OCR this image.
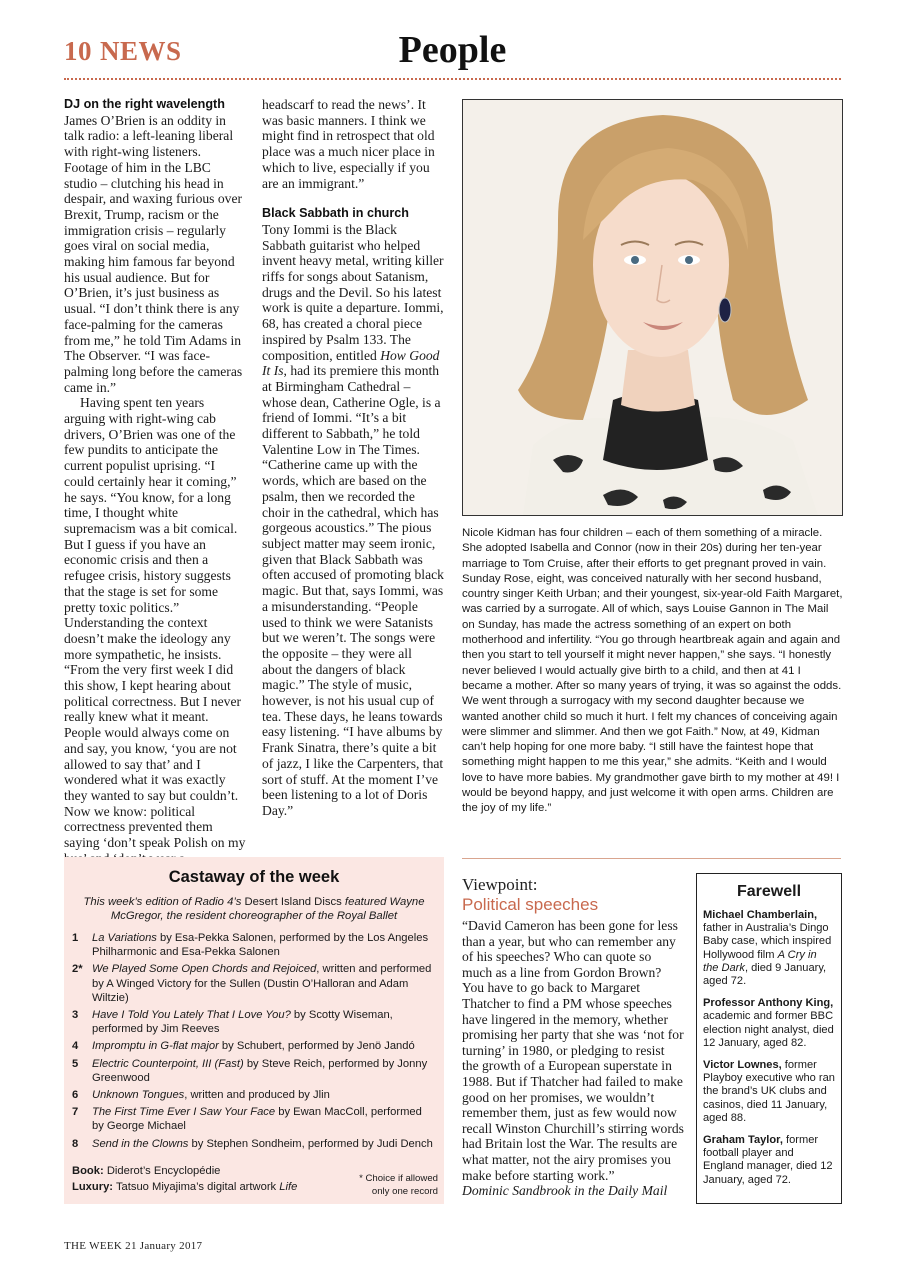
10 NEWS	People
DJ on the right wavelength

James O’Brien is an oddity in talk radio: a left-leaning liberal with right-wing listeners. Footage of him in the LBC studio – clutching his head in despair, and waxing furious over Brexit, Trump, racism or the immigration crisis – regularly goes viral on social media, making him famous far beyond his usual audience. But for O’Brien, it’s just business as usual. “I don’t think there is any face-palming for the cameras from me,” he told Tim Adams in The Observer. “I was face-palming long before the cameras came in.”

Having spent ten years arguing with right-wing cab drivers, O’Brien was one of the few pundits to anticipate the current populist uprising. “I could certainly hear it coming,” he says. “You know, for a long time, I thought white supremacism was a bit comical. But I guess if you have an economic crisis and then a refugee crisis, history suggests that the stage is set for some pretty toxic politics.” Understanding the context doesn’t make the ideology any more sympathetic, he insists. “From the very first week I did this show, I kept hearing about political correctness. But I never really knew what it meant. People would always come on and say, you know, ‘you are not allowed to say that’ and I wondered what it was exactly they wanted to say but couldn’t. Now we know: political correctness prevented them saying ‘don’t speak Polish on my

headscarf to read the news’. It was basic manners. I think we might find in retrospect that old place was a much nicer place in which to live, especially if you are an immigrant.”

Black Sabbath in church

Tony Iommi is the Black Sabbath guitarist who helped invent heavy metal, writing killer riffs for songs about Satanism, drugs and the Devil. So his latest work is quite a departure. Iommi, 68, has created a choral piece inspired by Psalm 133. The composition, entitled How Good It Is, had its premiere this month at Birmingham Cathedral – whose dean, Catherine Ogle, is a friend of Iommi. “It’s a bit different to Sabbath,” he told Valentine Low in The Times. “Catherine came up with the words, which are based on the psalm, then we recorded the choir in the cathedral, which has gorgeous acoustics.” The pious subject matter may seem ironic, given that Black Sabbath was often accused of promoting black magic. But that, says Iommi, was a misunderstanding. “People used to think we were Satanists but we weren’t. The songs were the opposite – they were all about the dangers of black magic.” The style of music, however, is not his usual cup of tea. These days, he leans towards easy listening. “I have albums by Frank Sinatra, there’s quite a bit of jazz, I like the Carpenters, that sort of stuff. At the moment I’ve been listening to a lot of Doris Day.”

Nicole Kidman has four children – each of them something of a miracle. She adopted Isabella and Connor (now in their 20s) during her ten-year marriage to Tom Cruise, after their efforts to get pregnant proved in vain. Sunday Rose, eight, was conceived naturally with her second husband, country singer Keith Urban; and their youngest, six-year-old Faith Margaret, was carried by a surrogate. All of which, says Louise Gannon in The Mail on Sunday, has made the actress something of an expert on both motherhood and infertility. “You go through heartbreak again and again and then you start to tell yourself it might never happen,” she says. “I honestly never believed I would actually give birth to a child, and then at 41 I became a mother. After so many years of trying, it was so against the odds. We went through a surrogacy with my second daughter because we wanted another child so much it hurt. I felt my chances of conceiving again were slimmer and slimmer. And then we got Faith.” Now, at 49, Kidman can’t help hoping for one more baby. “I still have the faintest hope that something might happen to me this year,” she admits. “Keith and I would love to have more babies. My grandmother gave birth to my mother at 49! I would be beyond happy, and just welcome it with open arms. Children are the joy of my life.”

Castaway of the week
This week’s edition of Radio 4’s Desert Island Discs featured Wayne McGregor, the resident choreographer of the Royal Ballet
1 La Variations by Esa-Pekka Salonen, performed by the Los Angeles Philharmonic and Esa-Pekka Salonen
2* We Played Some Open Chords and Rejoiced, written and performed by A Winged Victory for the Sullen (Dustin O’Halloran and Adam Wiltzie)
3 Have I Told You Lately That I Love You? by Scotty Wiseman, performed by Jim Reeves
4 Impromptu in G-flat major by Schubert, performed by Jenö Jandó
5 Electric Counterpoint, III (Fast) by Steve Reich, performed by Jonny Greenwood
6 Unknown Tongues, written and produced by Jlin
7 The First Time Ever I Saw Your Face by Ewan MacColl, performed by George Michael
8 Send in the Clowns by Stephen Sondheim, performed by Judi Dench
Book: Diderot’s Encyclopédie
Luxury: Tatsuo Miyajima’s digital artwork Life
* Choice if allowed only one record
Viewpoint:
Political speeches
“David Cameron has been gone for less than a year, but who can remember any of his speeches? Who can quote so much as a line from Gordon Brown? You have to go back to Margaret Thatcher to find a PM whose speeches have lingered in the memory, whether promising her party that she was ‘not for turning’ in 1980, or pledging to resist the growth of a European superstate in 1988. But if Thatcher had failed to make good on her promises, we wouldn’t remember them, just as few would now recall Winston Churchill’s stirring words had Britain lost the War. The results are what matter, not the airy promises you make before starting work.”
Dominic Sandbrook in the Daily Mail
Farewell
Michael Chamberlain, father in Australia’s Dingo Baby case, which inspired Hollywood film A Cry in the Dark, died 9 January, aged 72.
Professor Anthony King, academic and former BBC election night analyst, died 12 January, aged 82.
Victor Lownes, former Playboy executive who ran the brand’s UK clubs and casinos, died 11 January, aged 88.
Graham Taylor, former football player and England manager, died 12 January, aged 72.
THE WEEK 21 January 2017
